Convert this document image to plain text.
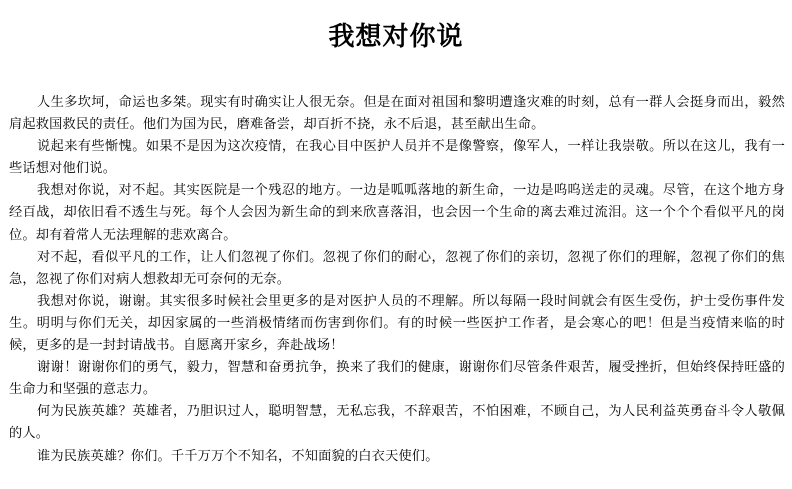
我想对你说

人生多坎坷，命运也多桀。现实有时确实让人很无奈。但是在面对祖国和黎明遭逢灾难的时刻，总有一群人会挺身而出，毅然肩起救国救民的责任。他们为国为民，磨难备尝，却百折不挠，永不后退，甚至献出生命。

说起来有些惭愧。如果不是因为这次疫情，在我心目中医护人员并不是像警察，像军人，一样让我崇敬。所以在这儿，我有一些话想对他们说。

我想对你说，对不起。其实医院是一个残忍的地方。一边是呱呱落地的新生命，一边是呜呜送走的灵魂。尽管，在这个地方身经百战，却依旧看不透生与死。每个人会因为新生命的到来欣喜落泪，也会因一个生命的离去难过流泪。这一个个个看似平凡的岗位。却有着常人无法理解的悲欢离合。

对不起，看似平凡的工作，让人们忽视了你们。忽视了你们的耐心，忽视了你们的亲切，忽视了你们的理解，忽视了你们的焦急，忽视了你们对病人想救却无可奈何的无奈。

我想对你说，谢谢。其实很多时候社会里更多的是对医护人员的不理解。所以每隔一段时间就会有医生受伤，护士受伤事件发生。明明与你们无关，却因家属的一些消极情绪而伤害到你们。有的时候一些医护工作者，是会寒心的吧！但是当疫情来临的时候，更多的是一封封请战书。自愿离开家乡，奔赴战场！

谢谢！谢谢你们的勇气，毅力，智慧和奋勇抗争，换来了我们的健康，谢谢你们尽管条件艰苦，履受挫折，但始终保持旺盛的生命力和坚强的意志力。

何为民族英雄？英雄者，乃胆识过人，聪明智慧，无私忘我，不辞艰苦，不怕困难，不顾自己，为人民利益英勇奋斗令人敬佩的人。

谁为民族英雄？你们。千千万万个不知名，不知面貌的白衣天使们。
